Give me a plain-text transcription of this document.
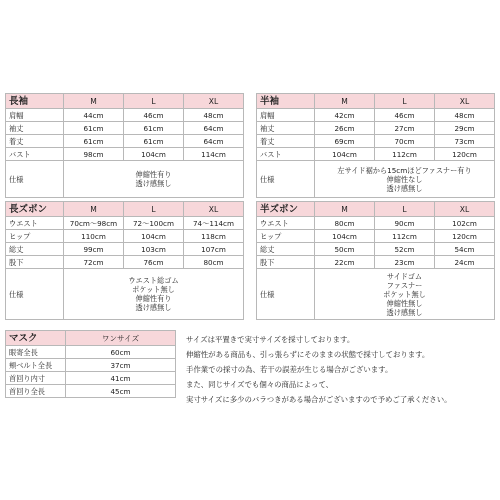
長袖	M	L	XL
肩幅	44cm	46cm	48cm
袖丈	61cm	61cm	64cm
着丈	61cm	61cm	64cm
バスト	98cm	104cm	114cm
仕様	伸縮性有り
透け感無し		
半袖	M	L	XL
肩幅	42cm	46cm	48cm
袖丈	26cm	27cm	29cm
着丈	69cm	70cm	73cm
バスト	104cm	112cm	120cm
仕様	左サイド裾から15cmほどファスナー有り
伸縮性なし
透け感無し		
長ズボン	M	L	XL
ウエスト	70cm〜98cm	72〜100cm	74〜114cm
ヒップ	110cm	104cm	118cm
総丈	99cm	103cm	107cm
股下	72cm	76cm	80cm
仕様	ウエスト総ゴム
ポケット無し
伸縮性有り
透け感無し		
半ズボン	M	L	XL
ウエスト	80cm	90cm	102cm
ヒップ	104cm	112cm	120cm
総丈	50cm	52cm	54cm
股下	22cm	23cm	24cm
仕様	サイドゴム
ファスナー
ポケット無し
伸縮性無し
透け感無し		
マスク	ワンサイズ
眼寄全長	60cm
頬ベルト全長	37cm
首回り内寸	41cm
首回り全長	45cm
サイズは平置きで実寸サイズを採寸しております。
伸縮性がある商品も、引っ張らずにそのままの状態で採寸しております。
手作業での採寸の為、若干の誤差が生じる場合がございます。
また、同じサイズでも個々の商品によって、
実寸サイズに多少のバラつきがある場合がございますので予めご了承ください。
